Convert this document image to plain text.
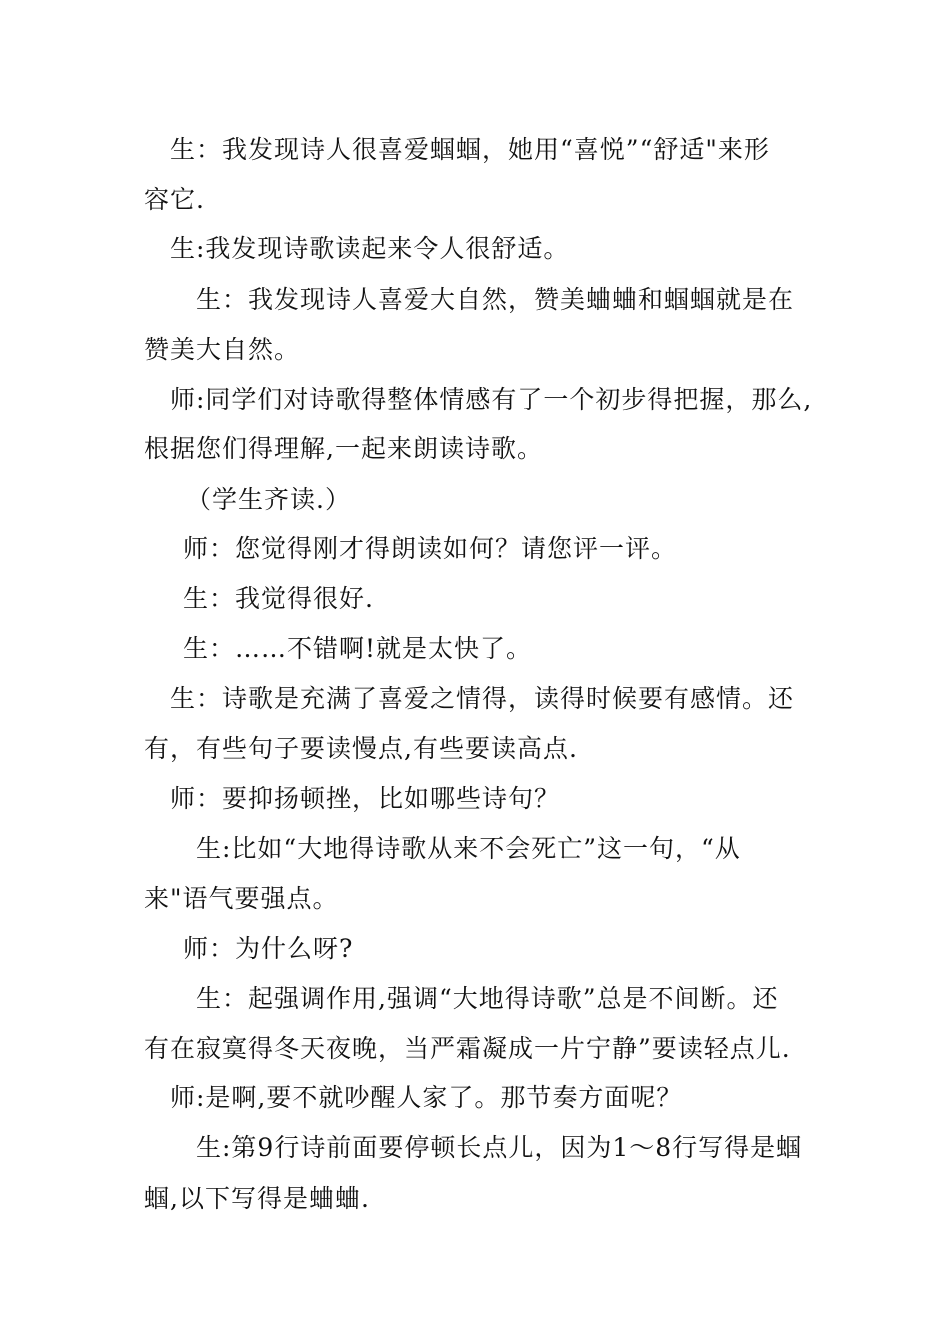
生：我发现诗人很喜爱蝈蝈，她用“喜悦”“舒适"来形
容它.
生:我发现诗歌读起来令人很舒适。
生：我发现诗人喜爱大自然，赞美蛐蛐和蝈蝈就是在
赞美大自然。
师:同学们对诗歌得整体情感有了一个初步得把握，那么,
根据您们得理解,一起来朗读诗歌。
（学生齐读.）
师：您觉得刚才得朗读如何？请您评一评。
生：我觉得很好.
生：……不错啊!就是太快了。
生：诗歌是充满了喜爱之情得，读得时候要有感情。还
有，有些句子要读慢点,有些要读高点.
师：要抑扬顿挫，比如哪些诗句？
生:比如“大地得诗歌从来不会死亡”这一句，“从
来"语气要强点。
师：为什么呀?
生：起强调作用,强调“大地得诗歌”总是不间断。还
有在寂寞得冬天夜晚，当严霜凝成一片宁静”要读轻点儿.
师:是啊,要不就吵醒人家了。那节奏方面呢？
生:第9行诗前面要停顿长点儿，因为1～8行写得是蝈
蝈,以下写得是蛐蛐.
